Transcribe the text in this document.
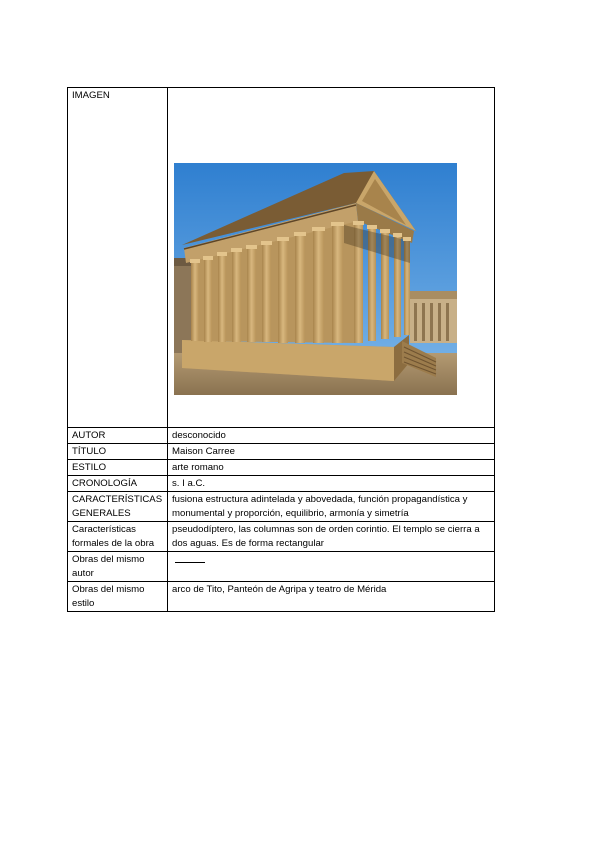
IMAGEN	

AUTOR	desconocido
TÍTULO	Maison Carree
ESTILO	arte romano
CRONOLOGÍA	s. I a.C.
CARACTERÍSTICAS GENERALES	fusiona estructura adintelada y abovedada, función propagandística y monumental y proporción, equilibrio, armonía y simetría
Características formales de la obra	pseudodíptero, las columnas son de orden corintio. El templo se cierra a dos aguas. Es de forma rectangular
Obras del mismo autor	
Obras del mismo estilo	arco de Tito, Panteón de Agripa y teatro de Mérida
